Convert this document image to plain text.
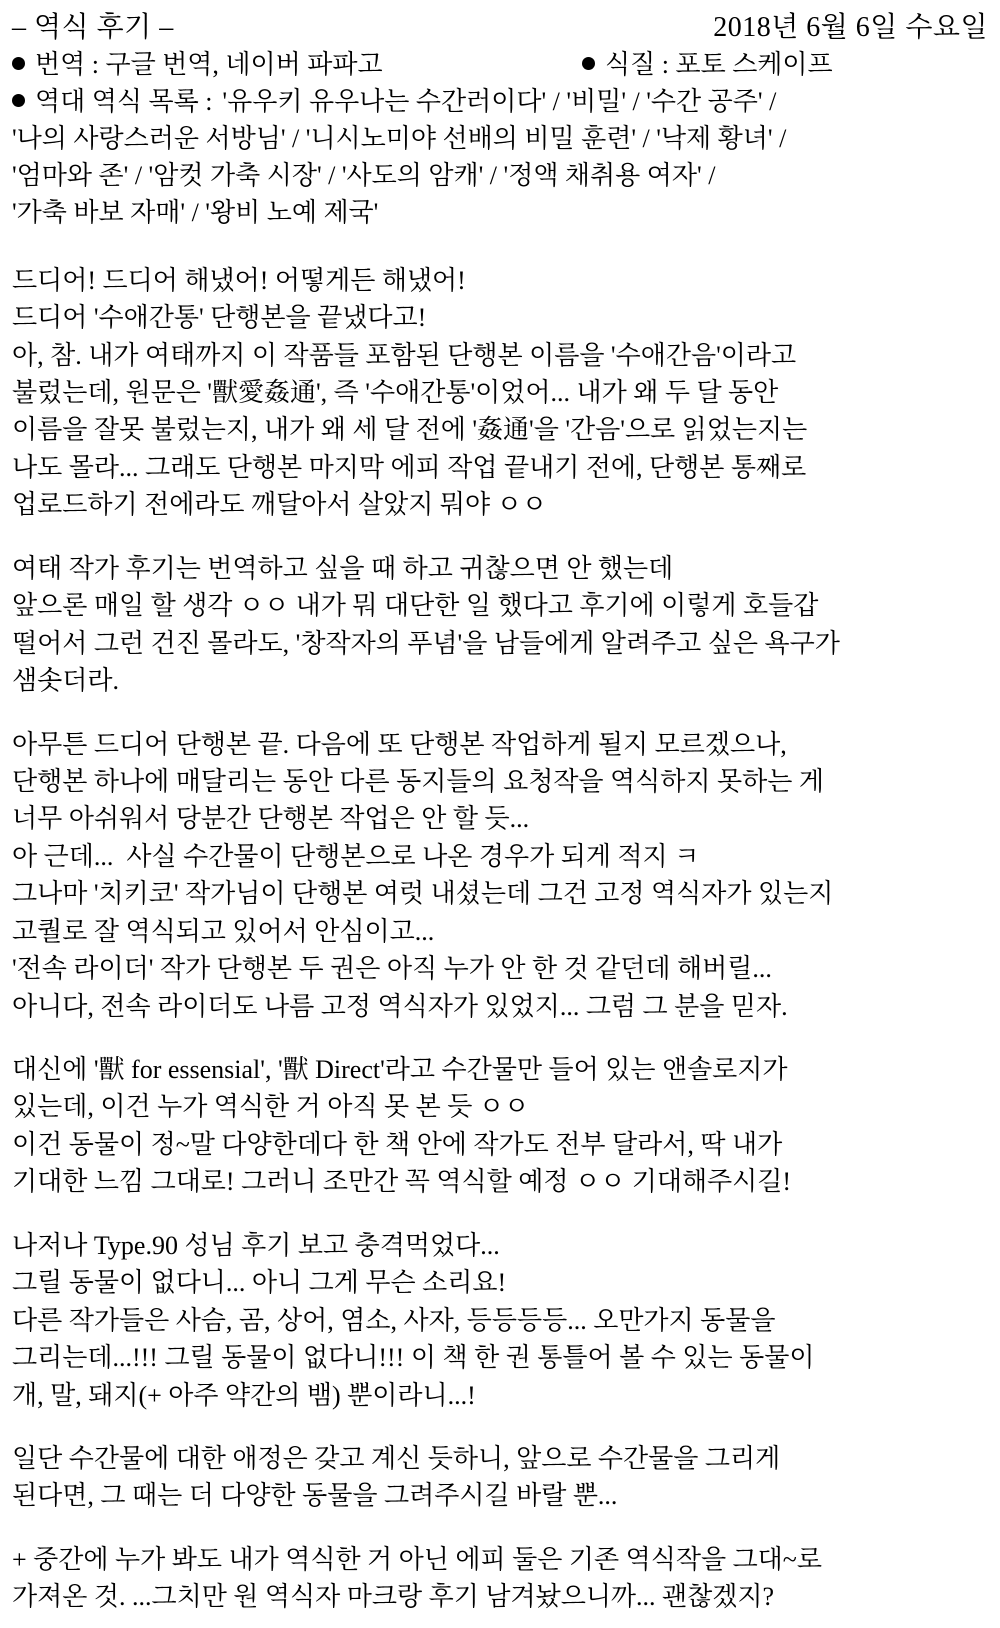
– 역식 후기 –	2018년 6월 6일 수요일
번역 : 구글 번역, 네이버 파파고	식질 : 포토 스케이프
역대 역식 목록 : '유우키 유우나는 수간러이다' / '비밀' / '수간 공주' /
'나의 사랑스러운 서방님' / '니시노미야 선배의 비밀 훈련' / '낙제 황녀' /
'엄마와 존' / '암컷 가축 시장' / '사도의 암캐' / '정액 채취용 여자' /
'가축 바보 자매' / '왕비 노예 제국'

드디어! 드디어 해냈어! 어떻게든 해냈어!

드디어 '수애간통' 단행본을 끝냈다고!

아, 참. 내가 여태까지 이 작품들 포함된 단행본 이름을 '수애간음'이라고

불렀는데, 원문은 '獸愛姦通', 즉 '수애간통'이었어... 내가 왜 두 달 동안

이름을 잘못 불렀는지, 내가 왜 세 달 전에 '姦通'을 '간음'으로 읽었는지는

나도 몰라... 그래도 단행본 마지막 에피 작업 끝내기 전에, 단행본 통째로

업로드하기 전에라도 깨달아서 살았지 뭐야 ㅇㅇ

여태 작가 후기는 번역하고 싶을 때 하고 귀찮으면 안 했는데

앞으론 매일 할 생각 ㅇㅇ 내가 뭐 대단한 일 했다고 후기에 이렇게 호들갑

떨어서 그런 건진 몰라도, '창작자의 푸념'을 남들에게 알려주고 싶은 욕구가

샘솟더라.

아무튼 드디어 단행본 끝. 다음에 또 단행본 작업하게 될지 모르겠으나,

단행본 하나에 매달리는 동안 다른 동지들의 요청작을 역식하지 못하는 게

너무 아쉬워서 당분간 단행본 작업은 안 할 듯...

아 근데...  사실 수간물이 단행본으로 나온 경우가 되게 적지 ㅋ

그나마 '치키코' 작가님이 단행본 여럿 내셨는데 그건 고정 역식자가 있는지

고퀄로 잘 역식되고 있어서 안심이고...

'전속 라이더' 작가 단행본 두 권은 아직 누가 안 한 것 같던데 해버릴...

아니다, 전속 라이더도 나름 고정 역식자가 있었지... 그럼 그 분을 믿자.

대신에 '獸 for essensial', '獸 Direct'라고 수간물만 들어 있는 앤솔로지가

있는데, 이건 누가 역식한 거 아직 못 본 듯 ㅇㅇ

이건 동물이 정~말 다양한데다 한 책 안에 작가도 전부 달라서, 딱 내가

기대한 느낌 그대로! 그러니 조만간 꼭 역식할 예정 ㅇㅇ 기대해주시길!

나저나 Type.90 성님 후기 보고 충격먹었다...

그릴 동물이 없다니... 아니 그게 무슨 소리요!

다른 작가들은 사슴, 곰, 상어, 염소, 사자, 등등등등... 오만가지 동물을

그리는데...!!! 그릴 동물이 없다니!!! 이 책 한 권 통틀어 볼 수 있는 동물이

개, 말, 돼지(+ 아주 약간의 뱀) 뿐이라니...!

일단 수간물에 대한 애정은 갖고 계신 듯하니, 앞으로 수간물을 그리게

된다면, 그 때는 더 다양한 동물을 그려주시길 바랄 뿐...

+ 중간에 누가 봐도 내가 역식한 거 아닌 에피 둘은 기존 역식작을 그대~로

가져온 것. ...그치만 원 역식자 마크랑 후기 남겨놨으니까... 괜찮겠지?
